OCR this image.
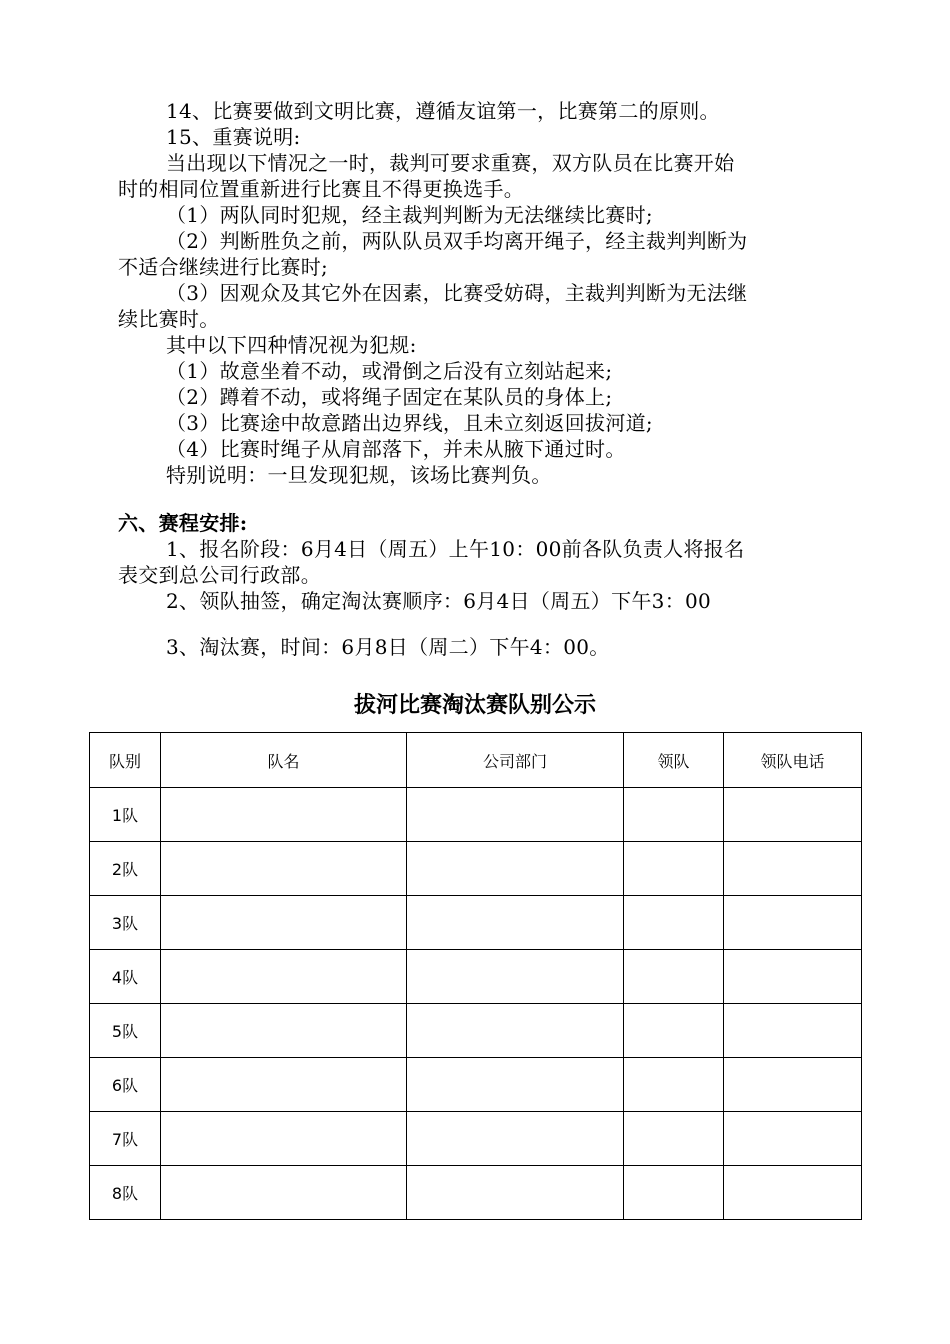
14、比赛要做到文明比赛，遵循友谊第一，比赛第二的原则。
15、重赛说明:
当出现以下情况之一时，裁判可要求重赛，双方队员在比赛开始
时的相同位置重新进行比赛且不得更换选手。
（1）两队同时犯规，经主裁判判断为无法继续比赛时;
（2）判断胜负之前，两队队员双手均离开绳子，经主裁判判断为
不适合继续进行比赛时;
（3）因观众及其它外在因素，比赛受妨碍，主裁判判断为无法继
续比赛时。
其中以下四种情况视为犯规:
（1）故意坐着不动，或滑倒之后没有立刻站起来;
（2）蹲着不动，或将绳子固定在某队员的身体上;
（3）比赛途中故意踏出边界线，且未立刻返回拔河道;
（4）比赛时绳子从肩部落下，并未从腋下通过时。
特别说明：一旦发现犯规，该场比赛判负。
六、赛程安排:
1、报名阶段：6月4日（周五）上午10：00前各队负责人将报名
表交到总公司行政部。
2、领队抽签，确定淘汰赛顺序：6月4日（周五）下午3：00
3、淘汰赛，时间：6月8日（周二）下午4：00。
拔河比赛淘汰赛队别公示
队别	队名	公司部门	领队	领队电话
1队				
2队				
3队				
4队				
5队				
6队				
7队				
8队				
